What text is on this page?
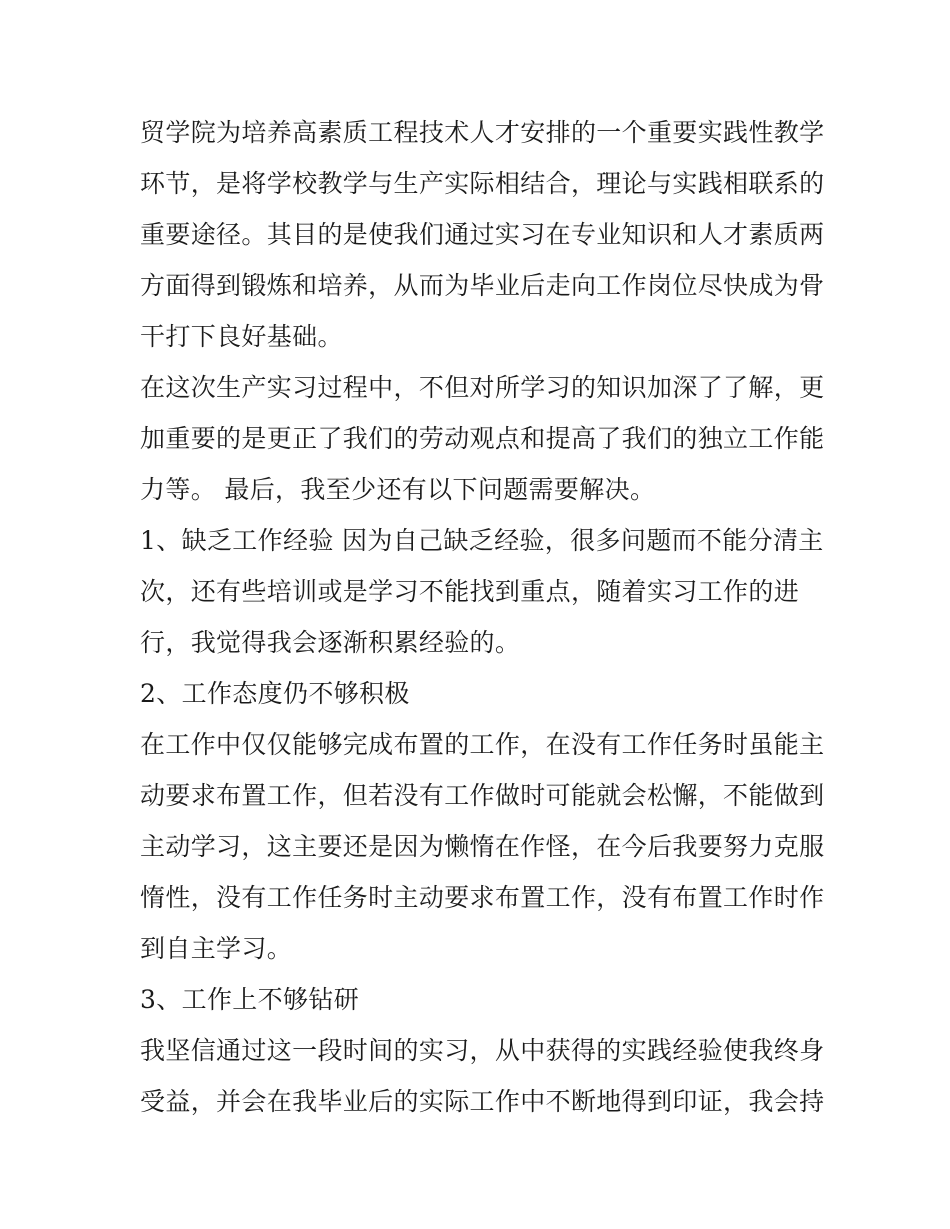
贸学院为培养高素质工程技术人才安排的一个重要实践性教学
环节，是将学校教学与生产实际相结合，理论与实践相联系的
重要途径。其目的是使我们通过实习在专业知识和人才素质两
方面得到锻炼和培养，从而为毕业后走向工作岗位尽快成为骨
干打下良好基础。
在这次生产实习过程中，不但对所学习的知识加深了了解，更
加重要的是更正了我们的劳动观点和提高了我们的独立工作能
力等。 最后，我至少还有以下问题需要解决。
1、缺乏工作经验 因为自己缺乏经验，很多问题而不能分清主
次，还有些培训或是学习不能找到重点，随着实习工作的进
行，我觉得我会逐渐积累经验的。
2、工作态度仍不够积极
在工作中仅仅能够完成布置的工作，在没有工作任务时虽能主
动要求布置工作，但若没有工作做时可能就会松懈，不能做到
主动学习，这主要还是因为懒惰在作怪，在今后我要努力克服
惰性，没有工作任务时主动要求布置工作，没有布置工作时作
到自主学习。
3、工作上不够钻研
我坚信通过这一段时间的实习，从中获得的实践经验使我终身
受益，并会在我毕业后的实际工作中不断地得到印证，我会持
